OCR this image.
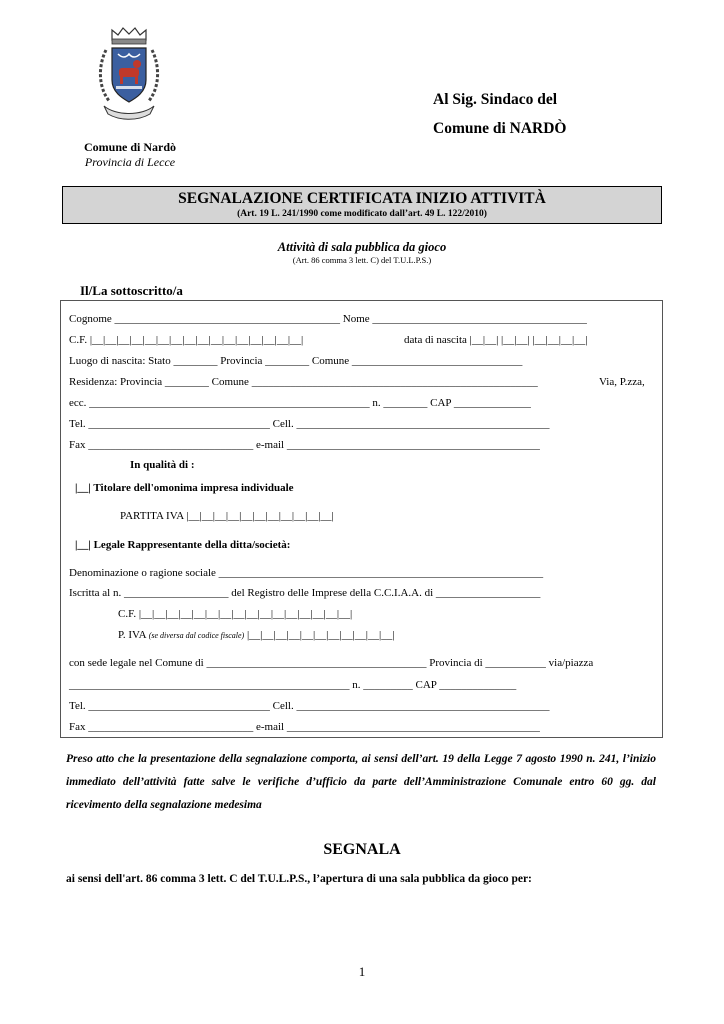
Comune di Nardò
Provincia di Lecce
Al Sig. Sindaco del
Comune di NARDÒ
SEGNALAZIONE CERTIFICATA INIZIO ATTIVITÀ
(Art. 19 L. 241/1990 come modificato dall’art. 49 L. 122/2010)
Attività di sala pubblica da gioco
(Art. 86 comma 3 lett. C) del T.U.L.P.S.)
Il/La sottoscritto/a
Cognome _________________________________________ Nome _______________________________________
C.F. |__|__|__|__|__|__|__|__|__|__|__|__|__|__|__|__|	data di nascita |__|__| |__|__| |__|__|__|__|
Luogo di nascita: Stato ________ Provincia ________ Comune _______________________________
Residenza: Provincia ________ Comune ____________________________________________________	Via, P.zza,
ecc. ___________________________________________________ n. ________ CAP ______________
Tel. _________________________________ Cell. ______________________________________________
Fax ______________________________ e-mail ______________________________________________
In qualità di :
|__| Titolare dell'omonima impresa individuale
PARTITA IVA |__|__|__|__|__|__|__|__|__|__|__|
|__| Legale Rappresentante della ditta/società:
Denominazione o ragione sociale ___________________________________________________________
Iscritta al n. ___________________ del Registro delle Imprese della C.C.I.A.A. di ___________________
C.F. |__|__|__|__|__|__|__|__|__|__|__|__|__|__|__|__|
P. IVA (se diversa dal codice fiscale) |__|__|__|__|__|__|__|__|__|__|__|
con sede legale nel Comune di ________________________________________ Provincia di ___________ via/piazza
___________________________________________________ n. _________ CAP ______________
Tel. _________________________________ Cell. ______________________________________________
Fax ______________________________ e-mail ______________________________________________
Preso atto che la presentazione della segnalazione comporta, ai sensi dell’art. 19 della Legge 7 agosto 1990 n. 241, l’inizio immediato dell’attività fatte salve le verifiche d’ufficio da parte dell’Amministrazione Comunale entro 60 gg. dal ricevimento della segnalazione medesima
SEGNALA
ai sensi dell'art. 86 comma 3 lett. C del T.U.L.P.S., l’apertura di una sala pubblica da gioco per:
1
